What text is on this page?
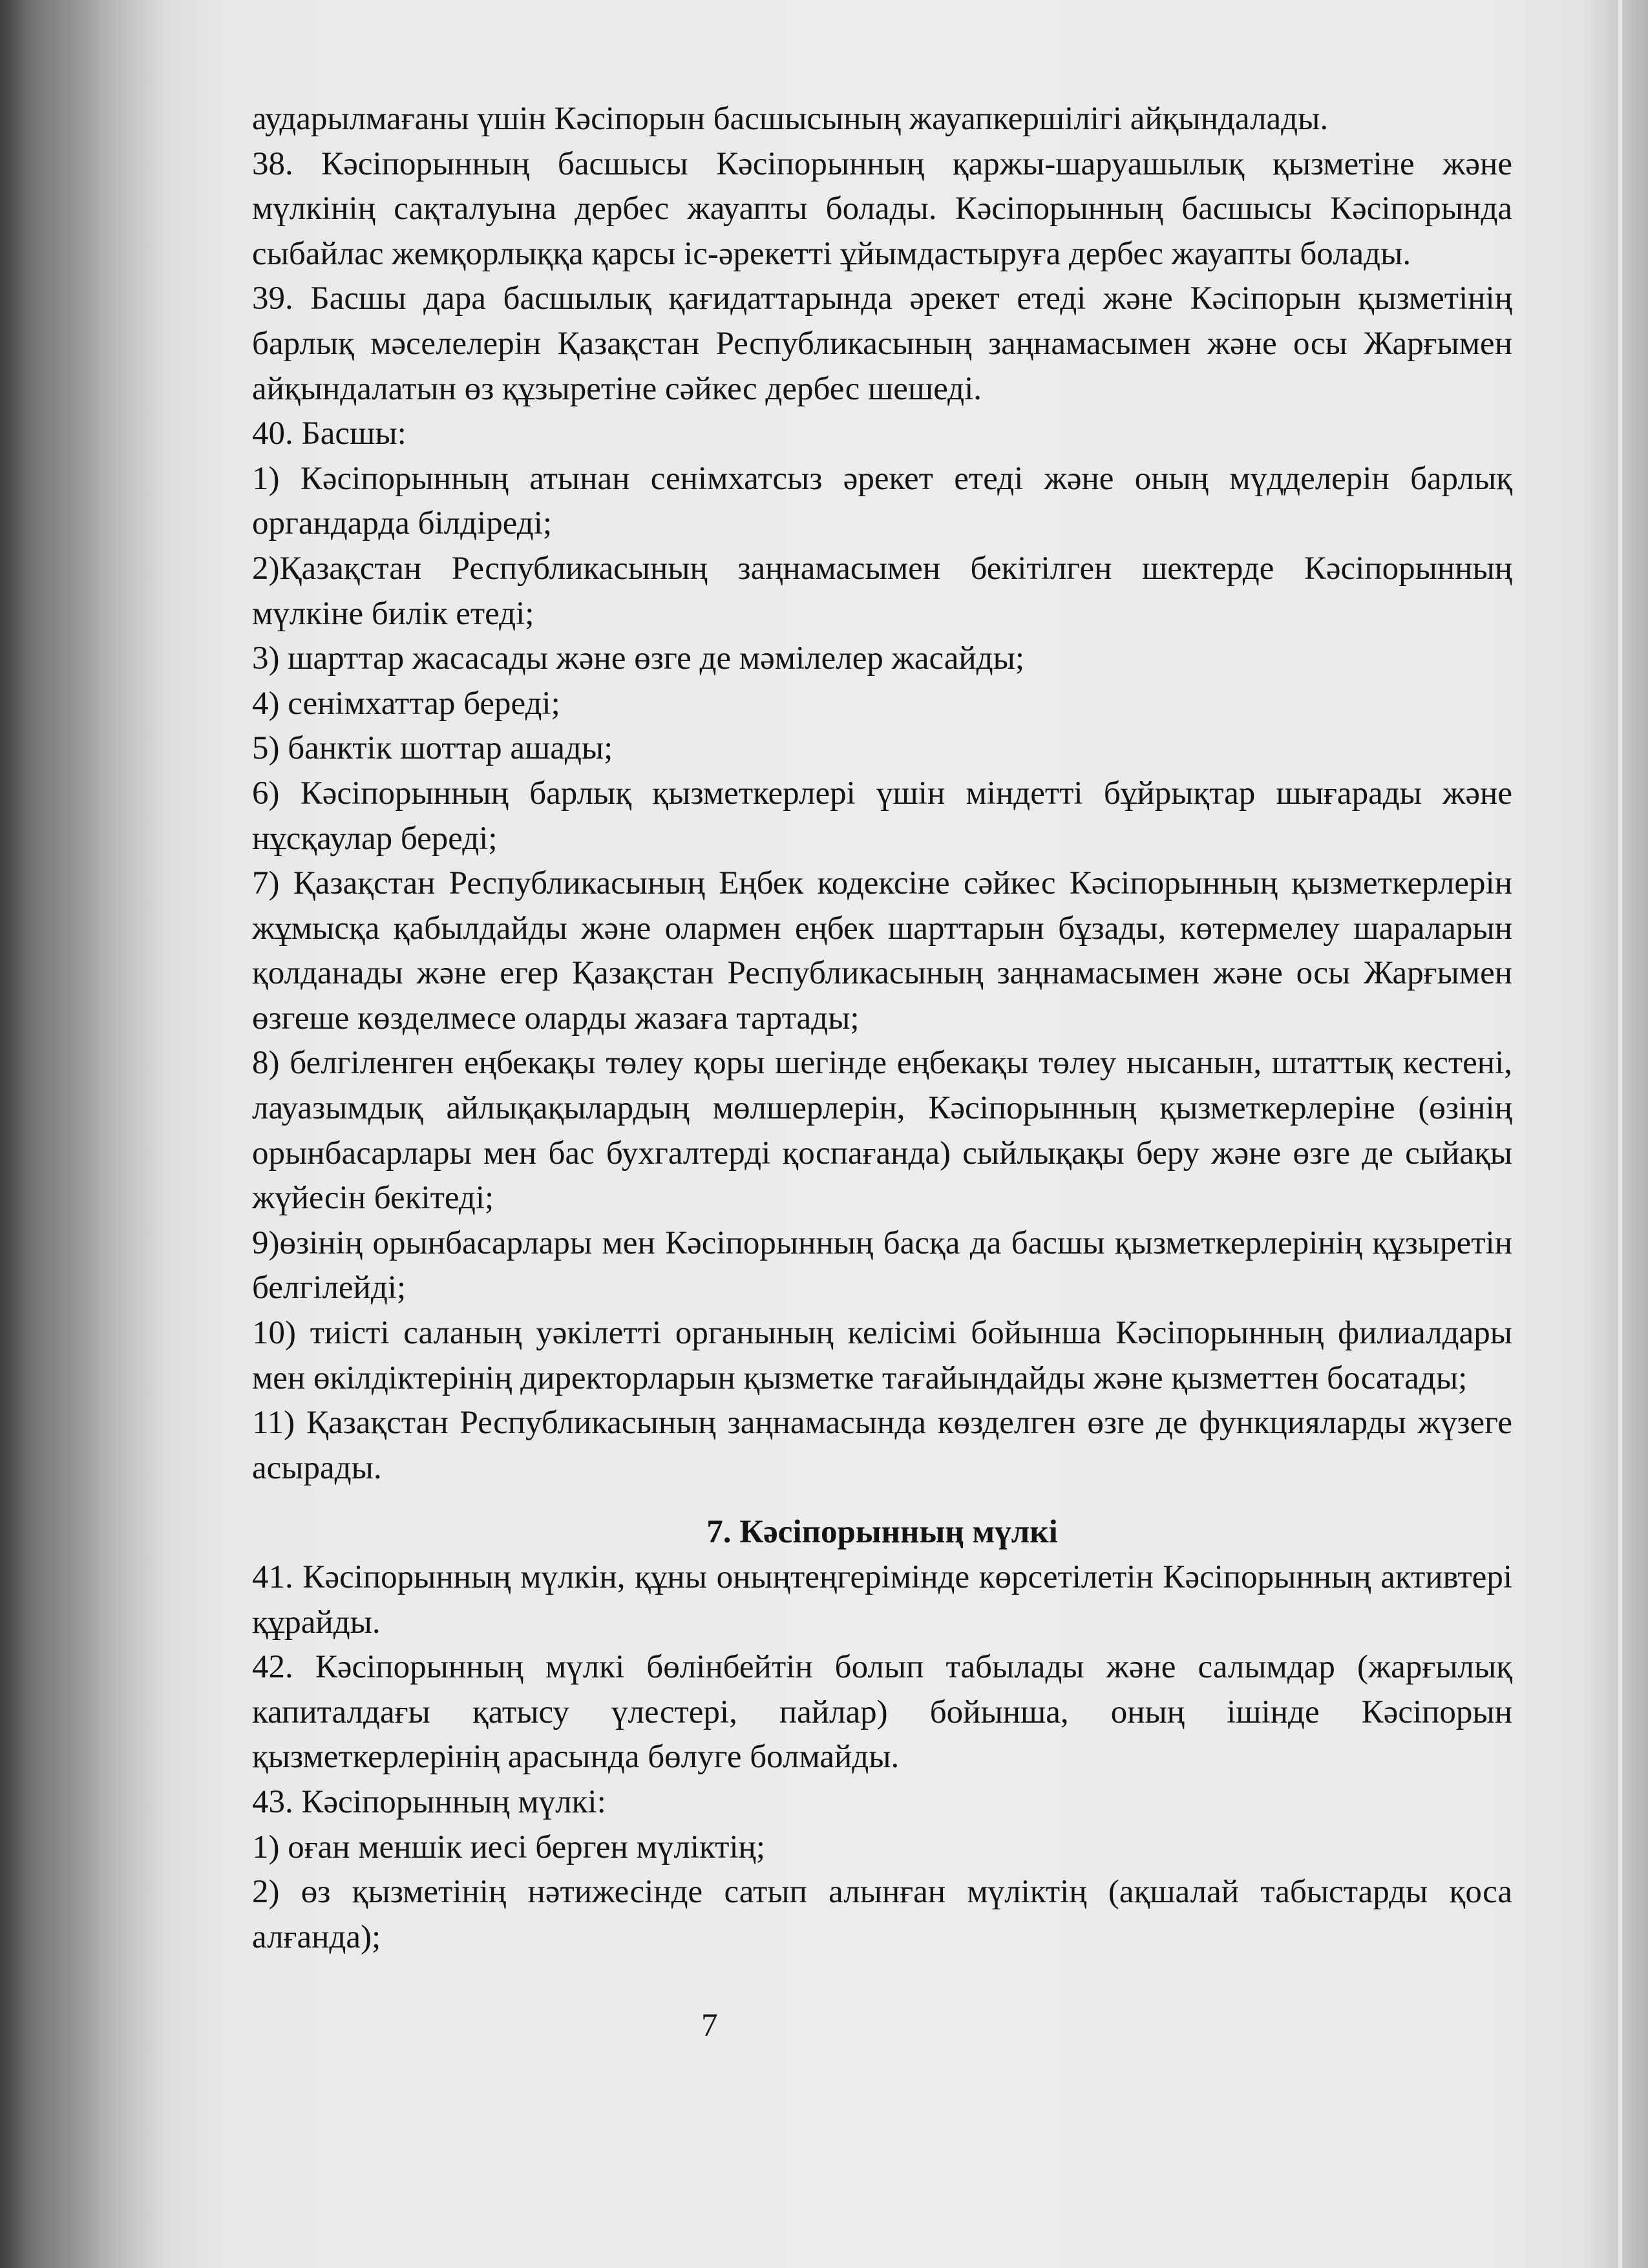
аударылмағаны үшін Кәсіпорын басшысының жауапкершілігі айқындалады.

38. Кәсіпорынның басшысы Кәсіпорынның қаржы-шаруашылық қызметіне және мүлкінің сақталуына дербес жауапты болады. Кәсіпорынның басшысы Кәсіпорында сыбайлас жемқорлыққа қарсы іс-әрекетті ұйымдастыруға дербес жауапты болады.

39. Басшы дара басшылық қағидаттарында әрекет етеді және Кәсіпорын қызметінің барлық мәселелерін Қазақстан Республикасының заңнамасымен және осы Жарғымен айқындалатын өз құзыретіне сәйкес дербес шешеді.

40. Басшы:

1) Кәсіпорынның атынан сенімхатсыз әрекет етеді және оның мүдделерін барлық органдарда білдіреді;

2)Қазақстан Республикасының заңнамасымен бекітілген шектерде Кәсіпорынның мүлкіне билік етеді;

3) шарттар жасасады және өзге де мәмілелер жасайды;

4) сенімхаттар береді;

5) банктік шоттар ашады;

6) Кәсіпорынның барлық қызметкерлері үшін міндетті бұйрықтар шығарады және нұсқаулар береді;

7) Қазақстан Республикасының Еңбек кодексіне сәйкес Кәсіпорынның қызметкерлерін жұмысқа қабылдайды және олармен еңбек шарттарын бұзады, көтермелеу шараларын қолданады және егер Қазақстан Республикасының заңнамасымен және осы Жарғымен өзгеше көзделмесе оларды жазаға тартады;

8) белгіленген еңбекақы төлеу қоры шегінде еңбекақы төлеу нысанын, штаттық кестені, лауазымдық айлықақылардың мөлшерлерін, Кәсіпорынның қызметкерлеріне (өзінің орынбасарлары мен бас бухгалтерді қоспағанда) сыйлықақы беру және өзге де сыйақы жүйесін бекітеді;

9)өзінің орынбасарлары мен Кәсіпорынның басқа да басшы қызметкерлерінің құзыретін белгілейді;

10) тиісті саланың уәкілетті органының келісімі бойынша Кәсіпорынның филиалдары мен өкілдіктерінің директорларын қызметке тағайындайды және қызметтен босатады;

11) Қазақстан Республикасының заңнамасында көзделген өзге де функцияларды жүзеге асырады.

7. Кәсіпорынның мүлкі

41. Кәсіпорынның мүлкін, құны оныңтеңгерімінде көрсетілетін Кәсіпорынның активтері құрайды.

42. Кәсіпорынның мүлкі бөлінбейтін болып табылады және салымдар (жарғылық капиталдағы қатысу үлестері, пайлар) бойынша, оның ішінде Кәсіпорын қызметкерлерінің арасында бөлуге болмайды.

43. Кәсіпорынның мүлкі:

1) оған меншік иесі берген мүліктің;

2) өз қызметінің нәтижесінде сатып алынған мүліктің (ақшалай табыстарды қоса алғанда);

7
